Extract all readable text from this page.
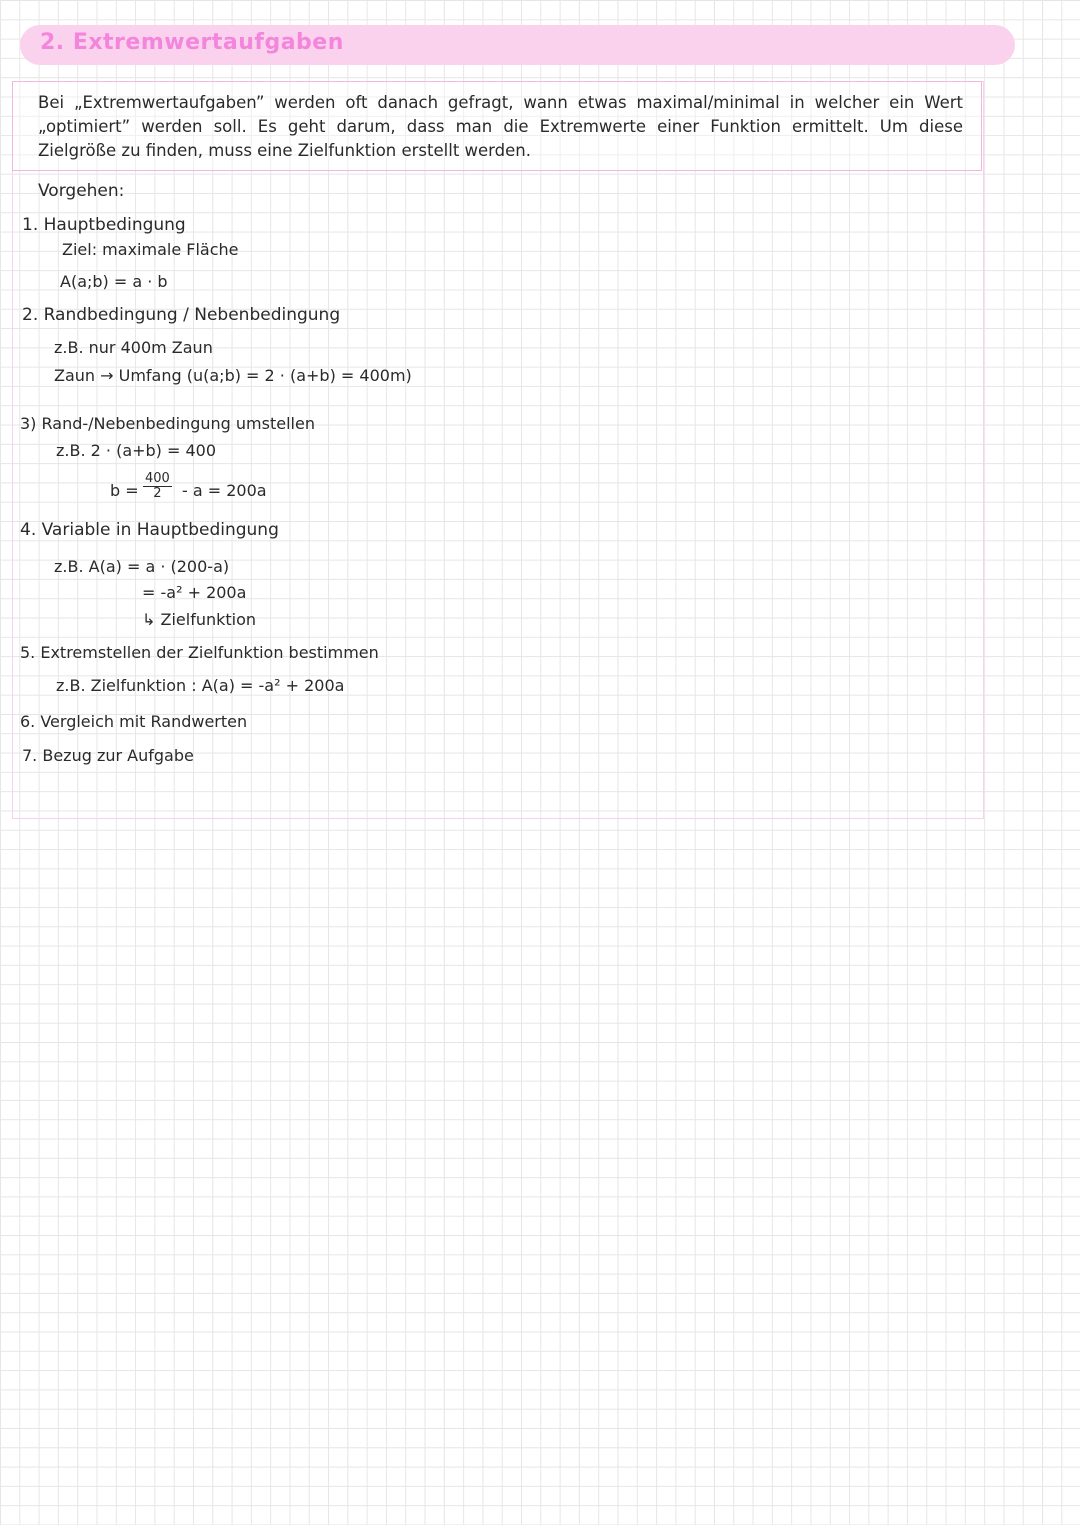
2. Extremwertaufgaben
Bei „Extremwertaufgaben” werden oft danach gefragt, wann etwas maximal/minimal in welcher ein Wert „optimiert” werden soll. Es geht darum, dass man die Extremwerte einer Funktion ermittelt. Um diese Zielgröße zu finden, muss eine Zielfunktion erstellt werden.
Vorgehen:
1. Hauptbedingung
Ziel: maximale Fläche
A(a;b) = a · b
2. Randbedingung / Nebenbedingung
z.B. nur 400m Zaun
Zaun → Umfang (u(a;b) = 2 · (a+b) = 400m)
3) Rand-/Nebenbedingung umstellen
z.B. 2 · (a+b) = 400
$b = \frac{400}{2} - a = 200a$
4. Variable in Hauptbedingung
z.B. A(a) = a · (200-a)
= -a² + 200a
↳ Zielfunktion
5. Extremstellen der Zielfunktion bestimmen
z.B. Zielfunktion : A(a) = -a² + 200a
6. Vergleich mit Randwerten
7. Bezug zur Aufgabe
